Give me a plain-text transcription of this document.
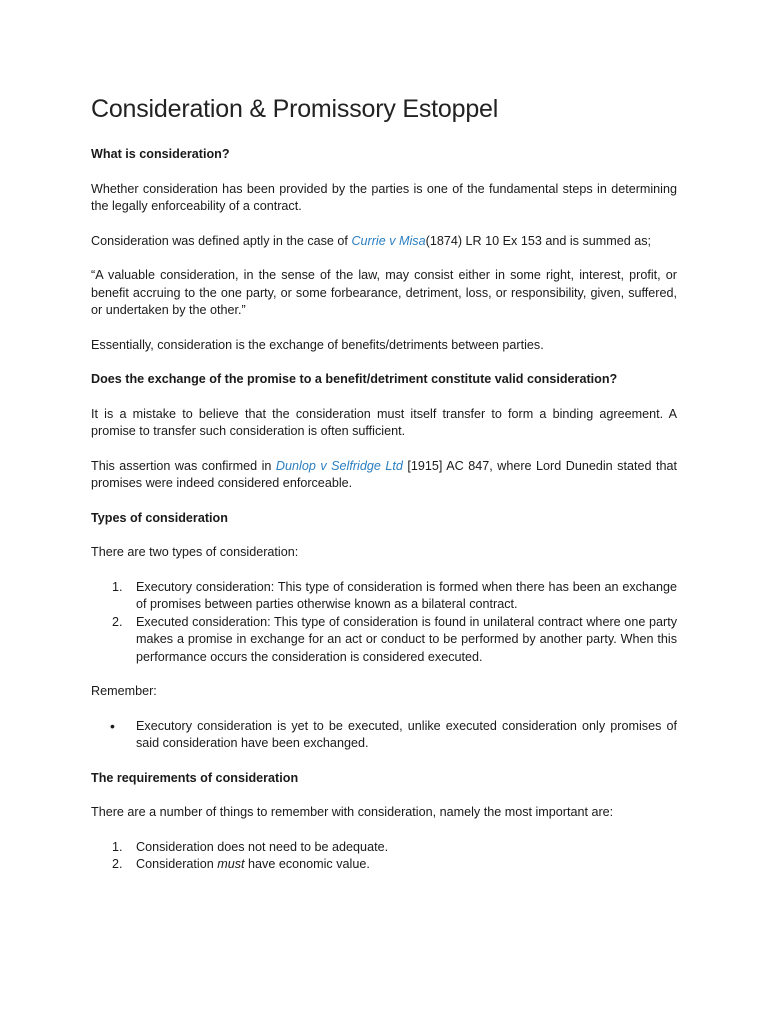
Consideration & Promissory Estoppel

What is consideration?

Whether consideration has been provided by the parties is one of the fundamental steps in determining the legally enforceability of a contract.

Consideration was defined aptly in the case of Currie v Misa(1874) LR 10 Ex 153 and is summed as;

“A valuable consideration, in the sense of the law, may consist either in some right, interest, profit, or benefit accruing to the one party, or some forbearance, detriment, loss, or responsibility, given, suffered, or undertaken by the other.”

Essentially, consideration is the exchange of benefits/detriments between parties.

Does the exchange of the promise to a benefit/detriment constitute valid consideration?

It is a mistake to believe that the consideration must itself transfer to form a binding agreement. A promise to transfer such consideration is often sufficient.

This assertion was confirmed in Dunlop v Selfridge Ltd [1915] AC 847, where Lord Dunedin stated that promises were indeed considered enforceable.

Types of consideration

There are two types of consideration:

1. Executory consideration: This type of consideration is formed when there has been an exchange of promises between parties otherwise known as a bilateral contract.
2. Executed consideration: This type of consideration is found in unilateral contract where one party makes a promise in exchange for an act or conduct to be performed by another party. When this performance occurs the consideration is considered executed.

Remember:

• Executory consideration is yet to be executed, unlike executed consideration only promises of said consideration have been exchanged.

The requirements of consideration

There are a number of things to remember with consideration, namely the most important are:

1. Consideration does not need to be adequate.
2. Consideration must have economic value.
